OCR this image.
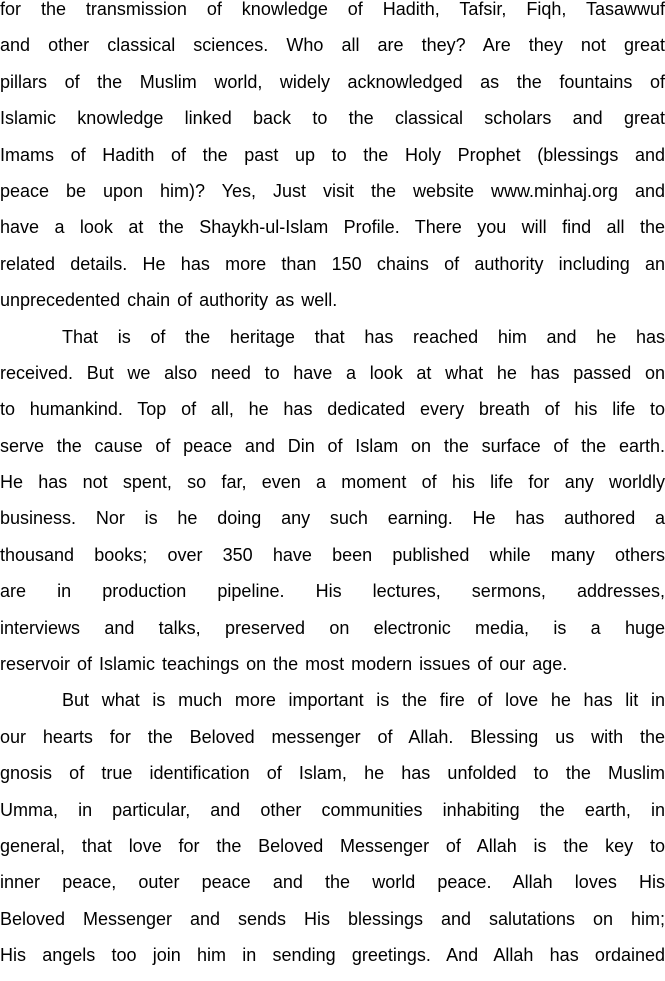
for the transmission of knowledge of Hadith, Tafsir, Fiqh, Tasawwuf
and other classical sciences. Who all are they? Are they not great
pillars of the Muslim world, widely acknowledged as the fountains of
Islamic knowledge linked back to the classical scholars and great
Imams of Hadith of the past up to the Holy Prophet (blessings and
peace be upon him)? Yes, Just visit the website www.minhaj.org and
have a look at the Shaykh-ul-Islam Profile. There you will find all the
related details. He has more than 150 chains of authority including an
unprecedented chain of authority as well.
That is of the heritage that has reached him and he has
received. But we also need to have a look at what he has passed on
to humankind. Top of all, he has dedicated every breath of his life to
serve the cause of peace and Din of Islam on the surface of the earth.
He has not spent, so far, even a moment of his life for any worldly
business. Nor is he doing any such earning. He has authored a
thousand books; over 350 have been published while many others
are in production pipeline. His lectures, sermons, addresses,
interviews and talks, preserved on electronic media, is a huge
reservoir of Islamic teachings on the most modern issues of our age.
But what is much more important is the fire of love he has lit in
our hearts for the Beloved messenger of Allah. Blessing us with the
gnosis of true identification of Islam, he has unfolded to the Muslim
Umma, in particular, and other communities inhabiting the earth, in
general, that love for the Beloved Messenger of Allah is the key to
inner peace, outer peace and the world peace. Allah loves His
Beloved Messenger and sends His blessings and salutations on him;
His angels too join him in sending greetings. And Allah has ordained
